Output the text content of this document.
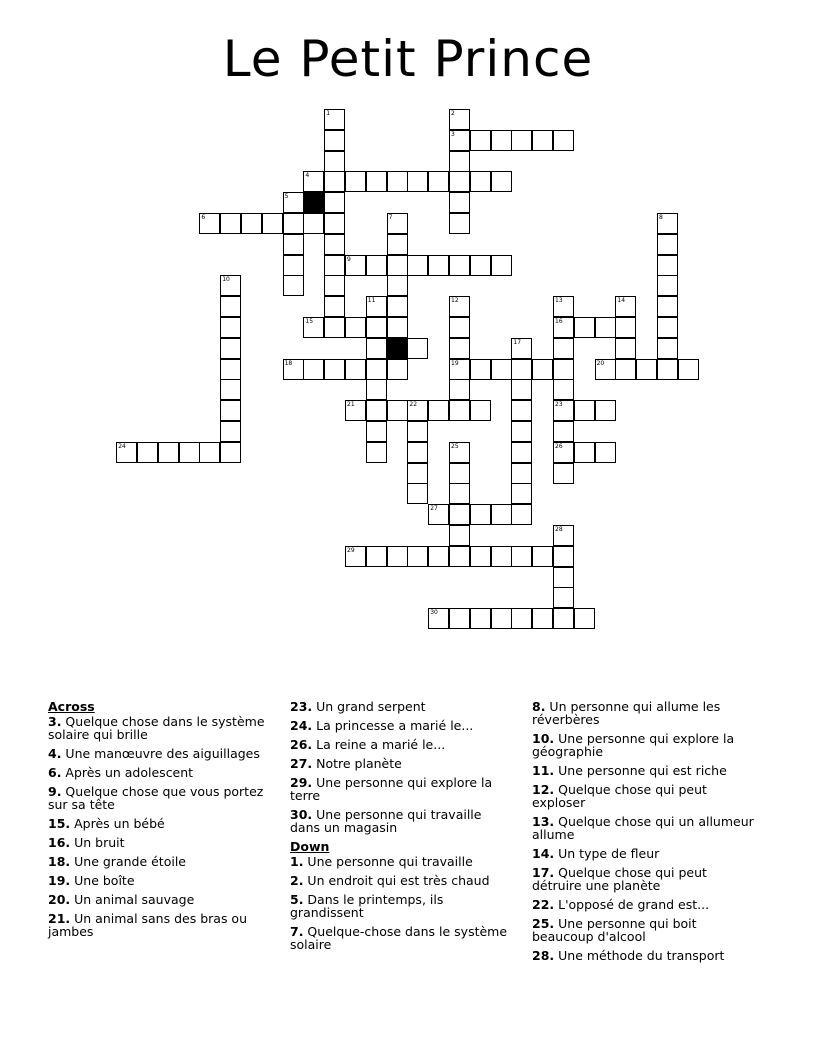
Le Petit Prince
1	2
3
4
5
6	7	8
9
10
11	12	13	14
15	16
17
18	19	20
21	22	23
24	25	26
27
28
29
30
Across
3. Quelque chose dans le système solaire qui brille
4. Une manœuvre des aiguillages
6. Après un adolescent
9. Quelque chose que vous portez sur sa tête
15. Après un bébé
16. Un bruit
18. Une grande étoile
19. Une boîte
20. Un animal sauvage
21. Un animal sans des bras ou jambes
23. Un grand serpent
24. La princesse a marié le...
26. La reine a marié le...
27. Notre planète
29. Une personne qui explore la terre
30. Une personne qui travaille dans un magasin
Down
1. Une personne qui travaille
2. Un endroit qui est très chaud
5. Dans le printemps, ils grandissent
7. Quelque-chose dans le système solaire
8. Un personne qui allume les réverbères
10. Une personne qui explore la géographie
11. Une personne qui est riche
12. Quelque chose qui peut exploser
13. Quelque chose qui un allumeur allume
14. Un type de fleur
17. Quelque chose qui peut détruire une planète
22. L'opposé de grand est...
25. Une personne qui boit beaucoup d'alcool
28. Une méthode du transport
